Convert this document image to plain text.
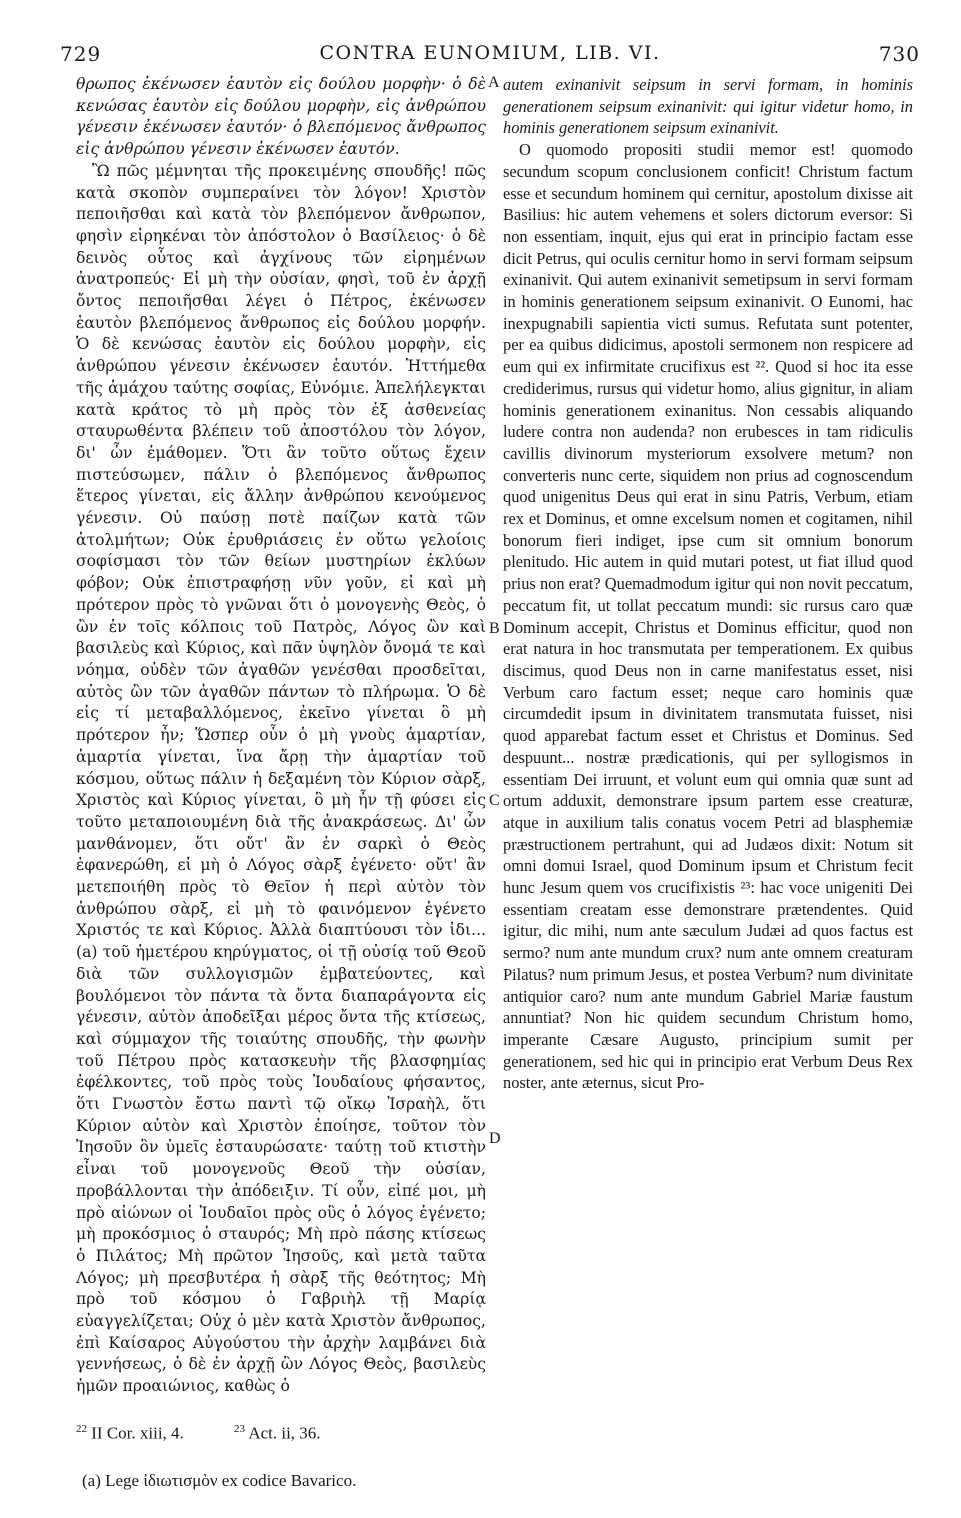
729	CONTRA EUNOMIUM, LIB. VI.	730

θρωπος ἐκένωσεν ἑαυτὸν εἰς δούλου μορφὴν· ὁ δὲ κενώσας ἑαυτὸν εἰς δούλου μορφὴν, εἰς ἀνθρώπου γένεσιν ἐκένωσεν ἑαυτόν· ὁ βλεπόμενος ἄνθρωπος εἰς ἀνθρώπου γένεσιν ἐκένωσεν ἑαυτόν.

Ὢ πῶς μέμνηται τῆς προκειμένης σπουδῆς! πῶς κατὰ σκοπὸν συμπεραίνει τὸν λόγον! Χριστὸν πεποιῆσθαι καὶ κατὰ τὸν βλεπόμενον ἄνθρωπον, φησὶν εἰρηκέναι τὸν ἀπόστολον ὁ Βασίλειος· ὁ δὲ δεινὸς οὗτος καὶ ἀγχίνους τῶν εἰρημένων ἀνατροπεύς· Εἰ μὴ τὴν οὐσίαν, φησὶ, τοῦ ἐν ἀρχῇ ὄντος πεποιῆσθαι λέγει ὁ Πέτρος, ἐκένωσεν ἑαυτὸν βλεπόμενος ἄνθρωπος εἰς δούλου μορφήν. Ὁ δὲ κενώσας ἑαυτὸν εἰς δούλου μορφὴν, εἰς ἀνθρώπου γένεσιν ἐκένωσεν ἑαυτόν. Ἡττήμεθα τῆς ἀμάχου ταύτης σοφίας, Εὐνόμιε. Ἀπελήλεγκται κατὰ κράτος τὸ μὴ πρὸς τὸν ἐξ ἀσθενείας σταυρωθέντα βλέπειν τοῦ ἀποστόλου τὸν λόγον, δι' ὧν ἐμάθομεν. Ὅτι ἂν τοῦτο οὕτως ἔχειν πιστεύσωμεν, πάλιν ὁ βλεπόμενος ἄνθρωπος ἕτερος γίνεται, εἰς ἄλλην ἀνθρώπου κενούμενος γένεσιν. Οὐ παύσῃ ποτὲ παίζων κατὰ τῶν ἀτολμήτων; Οὐκ ἐρυθριάσεις ἐν οὕτω γελοίοις σοφίσμασι τὸν τῶν θείων μυστηρίων ἐκλύων φόβον; Οὐκ ἐπιστραφήσῃ νῦν γοῦν, εἰ καὶ μὴ πρότερον πρὸς τὸ γνῶναι ὅτι ὁ μονογενὴς Θεὸς, ὁ ὢν ἐν τοῖς κόλποις τοῦ Πατρὸς, Λόγος ὢν καὶ βασιλεὺς καὶ Κύριος, καὶ πᾶν ὑψηλὸν ὄνομά τε καὶ νόημα, οὐδὲν τῶν ἀγαθῶν γενέσθαι προσδεῖται, αὐτὸς ὢν τῶν ἀγαθῶν πάντων τὸ πλήρωμα. Ὁ δὲ εἰς τί μεταβαλλόμενος, ἐκεῖνο γίνεται ὃ μὴ πρότερον ἦν; Ὥσπερ οὖν ὁ μὴ γνοὺς ἁμαρτίαν, ἁμαρτία γίνεται, ἵνα ἄρῃ τὴν ἁμαρτίαν τοῦ κόσμου, οὕτως πάλιν ἡ δεξαμένη τὸν Κύριον σὰρξ, Χριστὸς καὶ Κύριος γίνεται, ὃ μὴ ἦν τῇ φύσει εἰς τοῦτο μεταποιουμένη διὰ τῆς ἀνακράσεως. Δι' ὧν μανθάνομεν, ὅτι οὔτ' ἂν ἐν σαρκὶ ὁ Θεὸς ἐφανερώθη, εἰ μὴ ὁ Λόγος σὰρξ ἐγένετο· οὔτ' ἂν μετεποιήθη πρὸς τὸ Θεῖον ἡ περὶ αὐτὸν τὸν ἀνθρώπου σὰρξ, εἰ μὴ τὸ φαινόμενον ἐγένετο Χριστός τε καὶ Κύριος. Ἀλλὰ διαπτύουσι τὸν ἰδι... (a) τοῦ ἡμετέρου κηρύγματος, οἱ τῇ οὐσίᾳ τοῦ Θεοῦ διὰ τῶν συλλογισμῶν ἐμβατεύοντες, καὶ βουλόμενοι τὸν πάντα τὰ ὄντα διαπαράγοντα εἰς γένεσιν, αὐτὸν ἀποδεῖξαι μέρος ὄντα τῆς κτίσεως, καὶ σύμμαχον τῆς τοιαύτης σπουδῆς, τὴν φωνὴν τοῦ Πέτρου πρὸς κατασκευὴν τῆς βλασφημίας ἐφέλκοντες, τοῦ πρὸς τοὺς Ἰουδαίους φήσαντος, ὅτι Γνωστὸν ἔστω παντὶ τῷ οἴκῳ Ἰσραὴλ, ὅτι Κύριον αὐτὸν καὶ Χριστὸν ἐποίησε, τοῦτον τὸν Ἰησοῦν ὃν ὑμεῖς ἐσταυρώσατε· ταύτῃ τοῦ κτιστὴν εἶναι τοῦ μονογενοῦς Θεοῦ τὴν οὐσίαν, προβάλλονται τὴν ἀπόδειξιν. Τί οὖν, εἰπέ μοι, μὴ πρὸ αἰώνων οἱ Ἰουδαῖοι πρὸς οὓς ὁ λόγος ἐγένετο; μὴ προκόσμιος ὁ σταυρός; Μὴ πρὸ πάσης κτίσεως ὁ Πιλάτος; Μὴ πρῶτον Ἰησοῦς, καὶ μετὰ ταῦτα Λόγος; μὴ πρεσβυτέρα ἡ σὰρξ τῆς θεότητος; Μὴ πρὸ τοῦ κόσμου ὁ Γαβριὴλ τῇ Μαρίᾳ εὐαγγελίζεται; Οὐχ ὁ μὲν κατὰ Χριστὸν ἄνθρωπος, ἐπὶ Καίσαρος Αὐγούστου τὴν ἀρχὴν λαμβάνει διὰ γεννήσεως, ὁ δὲ ἐν ἀρχῇ ὢν Λόγος Θεὸς, βασιλεὺς ἡμῶν προαιώνιος, καθὼς ὁ

A
B
C
D

autem exinanivit seipsum in servi formam, in hominis generationem seipsum exinanivit: qui igitur videtur homo, in hominis generationem seipsum exinanivit.

O quomodo propositi studii memor est! quomodo secundum scopum conclusionem conficit! Christum factum esse et secundum hominem qui cernitur, apostolum dixisse ait Basilius: hic autem vehemens et solers dictorum eversor: Si non essentiam, inquit, ejus qui erat in principio factam esse dicit Petrus, qui oculis cernitur homo in servi formam seipsum exinanivit. Qui autem exinanivit semetipsum in servi formam in hominis generationem seipsum exinanivit. O Eunomi, hac inexpugnabili sapientia victi sumus. Refutata sunt potenter, per ea quibus didicimus, apostoli sermonem non respicere ad eum qui ex infirmitate crucifixus est ²². Quod si hoc ita esse crediderimus, rursus qui videtur homo, alius gignitur, in aliam hominis generationem exinanitus. Non cessabis aliquando ludere contra non audenda? non erubesces in tam ridiculis cavillis divinorum mysteriorum exsolvere metum? non converteris nunc certe, siquidem non prius ad cognoscendum quod unigenitus Deus qui erat in sinu Patris, Verbum, etiam rex et Dominus, et omne excelsum nomen et cogitamen, nihil bonorum fieri indiget, ipse cum sit omnium bonorum plenitudo. Hic autem in quid mutari potest, ut fiat illud quod prius non erat? Quemadmodum igitur qui non novit peccatum, peccatum fit, ut tollat peccatum mundi: sic rursus caro quæ Dominum accepit, Christus et Dominus efficitur, quod non erat natura in hoc transmutata per temperationem. Ex quibus discimus, quod Deus non in carne manifestatus esset, nisi Verbum caro factum esset; neque caro hominis quæ circumdedit ipsum in divinitatem transmutata fuisset, nisi quod apparebat factum esset et Christus et Dominus. Sed despuunt... nostræ prædicationis, qui per syllogismos in essentiam Dei irruunt, et volunt eum qui omnia quæ sunt ad ortum adduxit, demonstrare ipsum partem esse creaturæ, atque in auxilium talis conatus vocem Petri ad blasphemiæ præstructionem pertrahunt, qui ad Judæos dixit: Notum sit omni domui Israel, quod Dominum ipsum et Christum fecit hunc Jesum quem vos crucifixistis ²³: hac voce unigeniti Dei essentiam creatam esse demonstrare prætendentes. Quid igitur, dic mihi, num ante sæculum Judæi ad quos factus est sermo? num ante mundum crux? num ante omnem creaturam Pilatus? num primum Jesus, et postea Verbum? num divinitate antiquior caro? num ante mundum Gabriel Mariæ faustum annuntiat? Non hic quidem secundum Christum homo, imperante Cæsare Augusto, principium sumit per generationem, sed hic qui in principio erat Verbum Deus Rex noster, ante æternus, sicut Pro-

$^{22}$ II Cor. xiii, 4.	$^{23}$ Act. ii, 36.
(a) Lege ἰδιωτισμὸν ex codice Bavarico.
